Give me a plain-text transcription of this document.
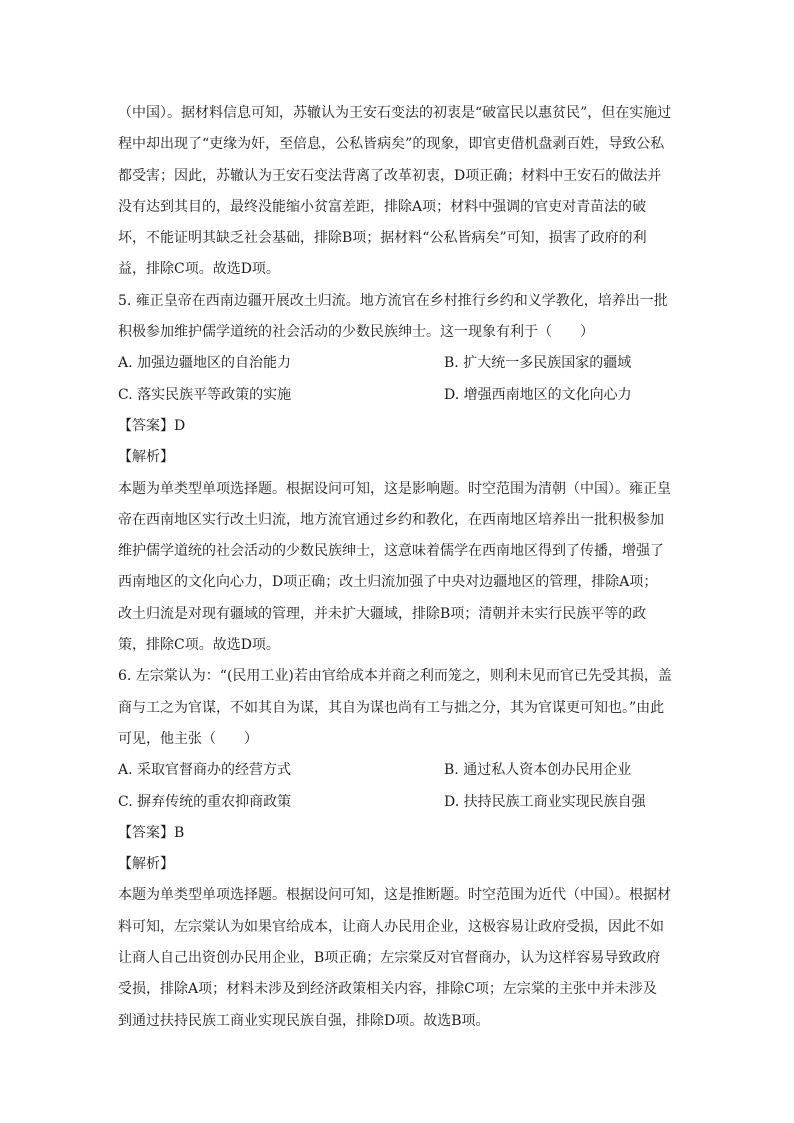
（中国）。据材料信息可知，苏辙认为王安石变法的初衷是“破富民以惠贫民”，但在实施过
程中却出现了“吏缘为奸，至倍息，公私皆病矣”的现象，即官吏借机盘剥百姓，导致公私
都受害；因此，苏辙认为王安石变法背离了改革初衷，D项正确；材料中王安石的做法并
没有达到其目的，最终没能缩小贫富差距，排除A项；材料中强调的官吏对青苗法的破
坏，不能证明其缺乏社会基础，排除B项；据材料“公私皆病矣”可知，损害了政府的利
益，排除C项。故选D项。
5. 雍正皇帝在西南边疆开展改土归流。地方流官在乡村推行乡约和义学教化，培养出一批
积极参加维护儒学道统的社会活动的少数民族绅士。这一现象有利于（　　）
A. 加强边疆地区的自治能力	B. 扩大统一多民族国家的疆域
C. 落实民族平等政策的实施	D. 增强西南地区的文化向心力
【答案】D
【解析】
本题为单类型单项选择题。根据设问可知，这是影响题。时空范围为清朝（中国）。雍正皇
帝在西南地区实行改土归流，地方流官通过乡约和教化，在西南地区培养出一批积极参加
维护儒学道统的社会活动的少数民族绅士，这意味着儒学在西南地区得到了传播，增强了
西南地区的文化向心力，D项正确；改土归流加强了中央对边疆地区的管理，排除A项；
改土归流是对现有疆域的管理，并未扩大疆域，排除B项；清朝并未实行民族平等的政
策，排除C项。故选D项。
6. 左宗棠认为：“(民用工业)若由官给成本并商之利而笼之，则利未见而官已先受其损，盖
商与工之为官谋，不如其自为谋，其自为谋也尚有工与拙之分，其为官谋更可知也。”由此
可见，他主张（　　）
A. 采取官督商办的经营方式	B. 通过私人资本创办民用企业
C. 摒弃传统的重农抑商政策	D. 扶持民族工商业实现民族自强
【答案】B
【解析】
本题为单类型单项选择题。根据设问可知，这是推断题。时空范围为近代（中国）。根据材
料可知，左宗棠认为如果官给成本，让商人办民用企业，这极容易让政府受损，因此不如
让商人自己出资创办民用企业，B项正确；左宗棠反对官督商办，认为这样容易导致政府
受损，排除A项；材料未涉及到经济政策相关内容，排除C项；左宗棠的主张中并未涉及
到通过扶持民族工商业实现民族自强，排除D项。故选B项。
